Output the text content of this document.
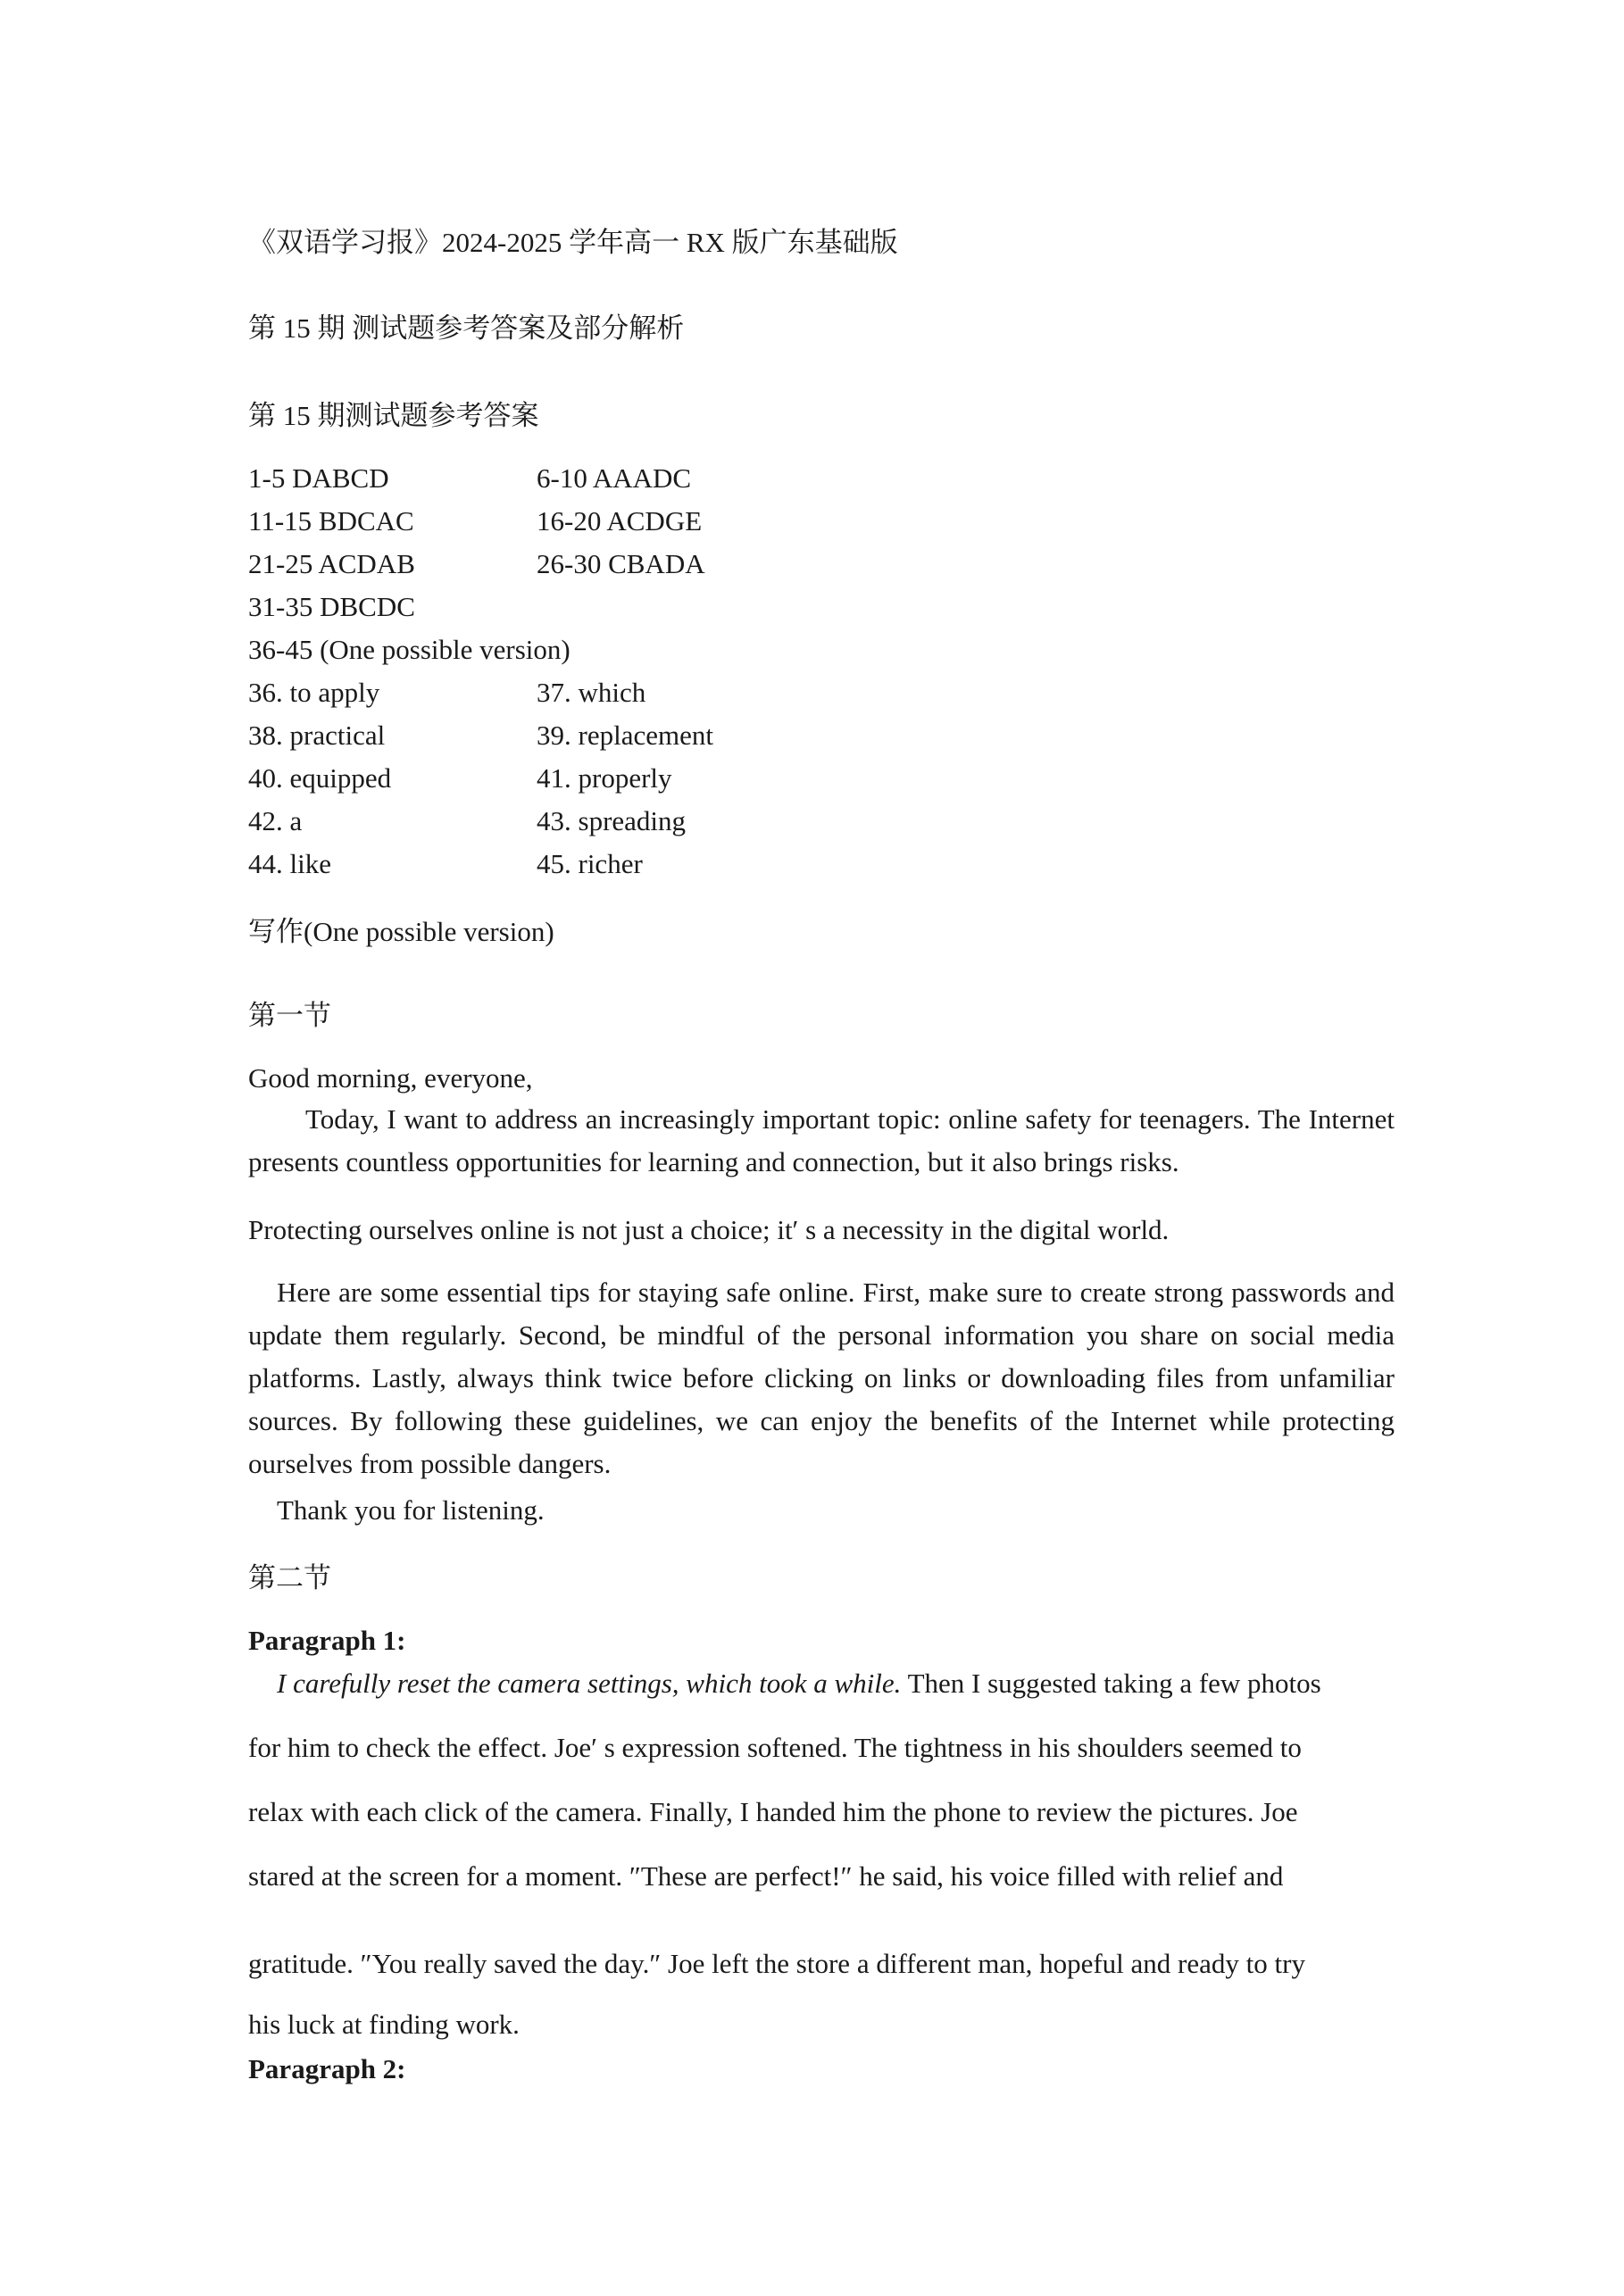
《双语学习报》2024-2025 学年高一 RX 版广东基础版
第 15 期 测试题参考答案及部分解析
第 15 期测试题参考答案
1-5 DABCD	6-10 AAADC
11-15 BDCAC	16-20 ACDGE
21-25 ACDAB	26-30 CBADA
31-35 DBCDC
36-45 (One possible version)
36. to apply	37. which
38. practical	39. replacement
40. equipped	41. properly
42. a	43. spreading
44. like	45. richer
写作(One possible version)
第一节
Good morning, everyone,
Today, I want to address an increasingly important topic: online safety for teenagers. The Internet presents countless opportunities for learning and connection, but it also brings risks.
Protecting ourselves online is not just a choice; it′ s a necessity in the digital world.
Here are some essential tips for staying safe online. First, make sure to create strong passwords and update them regularly. Second, be mindful of the personal information you share on social media platforms. Lastly, always think twice before clicking on links or downloading files from unfamiliar sources. By following these guidelines, we can enjoy the benefits of the Internet while protecting ourselves from possible dangers.
Thank you for listening.
第二节
Paragraph 1:
I carefully reset the camera settings, which took a while. Then I suggested taking a few photos
for him to check the effect. Joe′ s expression softened. The tightness in his shoulders seemed to
relax with each click of the camera. Finally, I handed him the phone to review the pictures. Joe
stared at the screen for a moment. ″These are perfect!″ he said, his voice filled with relief and
gratitude. ″You really saved the day.″ Joe left the store a different man, hopeful and ready to try
his luck at finding work.
Paragraph 2:
